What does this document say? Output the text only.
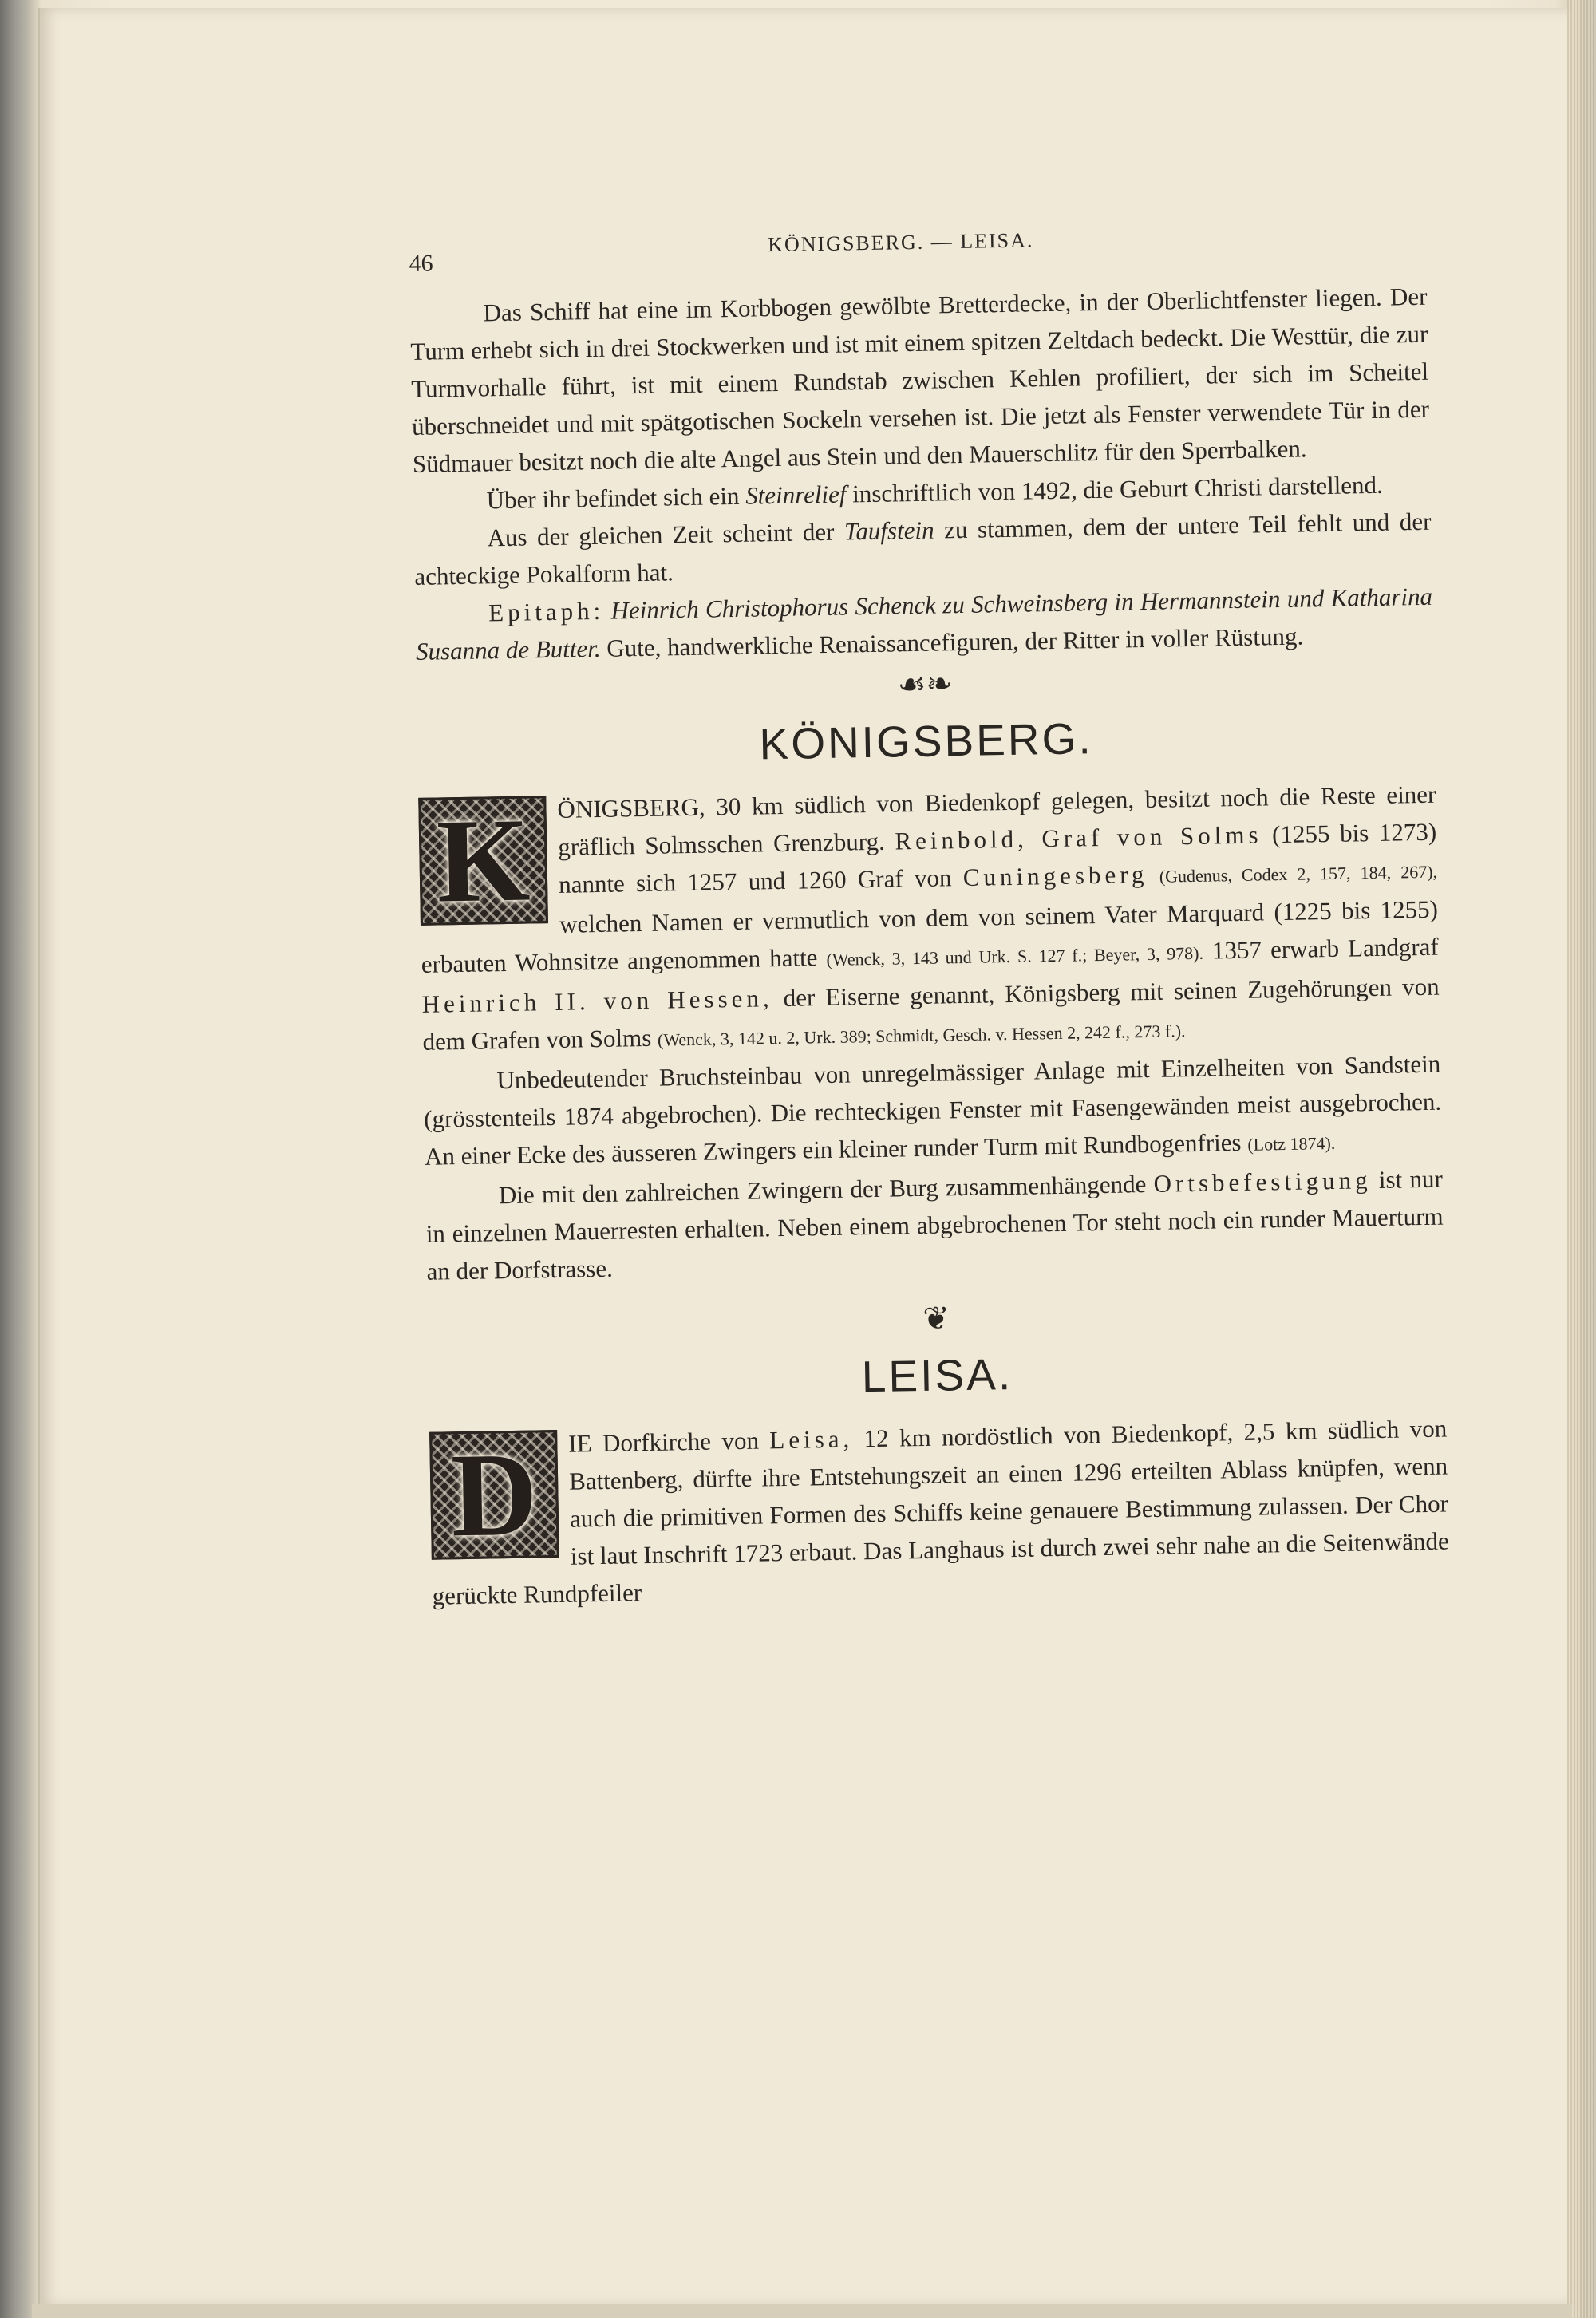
46
KÖNIGSBERG. — LEISA.

Das Schiff hat eine im Korbbogen gewölbte Bretterdecke, in der Oberlichtfenster liegen. Der Turm erhebt sich in drei Stockwerken und ist mit einem spitzen Zeltdach bedeckt. Die Westtür, die zur Turmvorhalle führt, ist mit einem Rundstab zwischen Kehlen profiliert, der sich im Scheitel überschneidet und mit spätgotischen Sockeln versehen ist. Die jetzt als Fenster verwendete Tür in der Südmauer besitzt noch die alte Angel aus Stein und den Mauerschlitz für den Sperrbalken.

Über ihr befindet sich ein Steinrelief inschriftlich von 1492, die Geburt Christi darstellend.

Aus der gleichen Zeit scheint der Taufstein zu stammen, dem der untere Teil fehlt und der achteckige Pokalform hat.

Epitaph: Heinrich Christophorus Schenck zu Schweinsberg in Hermannstein und Katharina Susanna de Butter. Gute, handwerkliche Renaissancefiguren, der Ritter in voller Rüstung.

☙❧
KÖNIGSBERG.
K	ÖNIGSBERG, 30 km südlich von Biedenkopf gelegen, besitzt noch die Reste einer gräflich Solmsschen Grenzburg. Reinbold, Graf von Solms (1255 bis 1273) nannte sich 1257 und 1260 Graf von Cuningesberg (Gudenus, Codex 2, 157, 184, 267), welchen Namen er vermutlich von dem von seinem Vater Marquard (1225 bis 1255) erbauten Wohnsitze angenommen hatte (Wenck, 3, 143 und Urk. S. 127 f.; Beyer, 3, 978). 1357 erwarb Landgraf Heinrich II. von Hessen, der Eiserne genannt, Königsberg mit seinen Zugehörungen von dem Grafen von Solms (Wenck, 3, 142 u. 2, Urk. 389; Schmidt, Gesch. v. Hessen 2, 242 f., 273 f.).

Unbedeutender Bruchsteinbau von unregelmässiger Anlage mit Einzelheiten von Sandstein (grösstenteils 1874 abgebrochen). Die rechteckigen Fenster mit Fasengewänden meist ausgebrochen. An einer Ecke des äusseren Zwingers ein kleiner runder Turm mit Rundbogenfries (Lotz 1874).

Die mit den zahlreichen Zwingern der Burg zusammenhängende Ortsbefestigung ist nur in einzelnen Mauerresten erhalten. Neben einem abgebrochenen Tor steht noch ein runder Mauerturm an der Dorfstrasse.

❦
LEISA.
D	IE Dorfkirche von Leisa, 12 km nordöstlich von Biedenkopf, 2,5 km südlich von Battenberg, dürfte ihre Entstehungszeit an einen 1296 erteilten Ablass knüpfen, wenn auch die primitiven Formen des Schiffs keine genauere Bestimmung zulassen. Der Chor ist laut Inschrift 1723 erbaut. Das Langhaus ist durch zwei sehr nahe an die Seitenwände gerückte Rundpfeiler
